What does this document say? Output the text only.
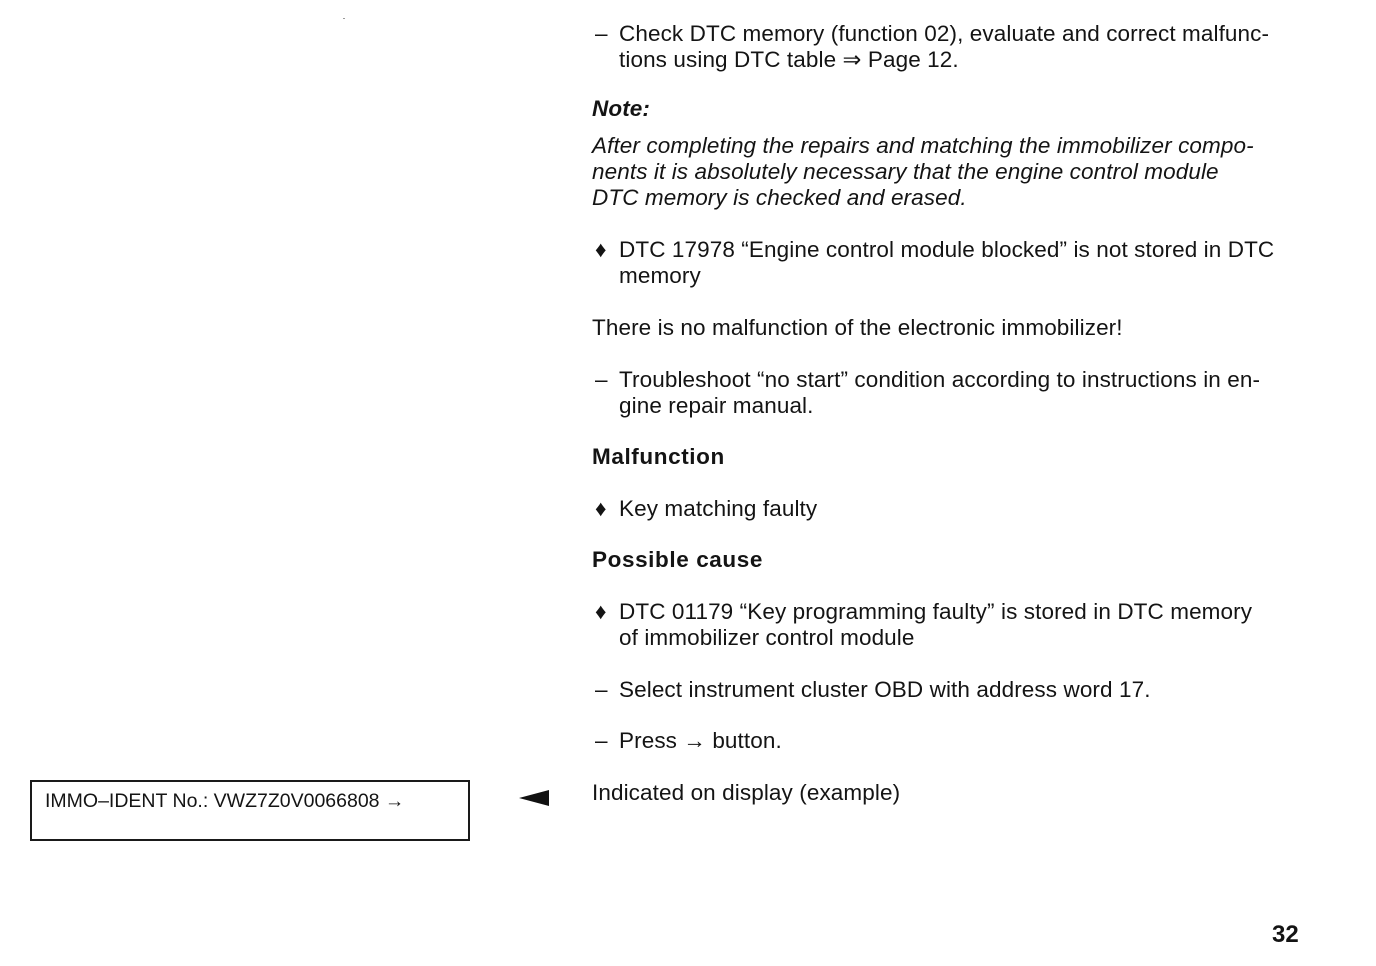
– Check DTC memory (function 02), evaluate and correct malfunc-
tions using DTC table ⇒ Page 12.

Note:

After completing the repairs and matching the immobilizer compo-
nents it is absolutely necessary that the engine control module
DTC memory is checked and erased.
♦ DTC 17978 “Engine control module blocked” is not stored in DTC
memory

There is no malfunction of the electronic immobilizer!

– Troubleshoot “no start” condition according to instructions in en-
gine repair manual.

Malfunction

♦ Key matching faulty

Possible cause

♦ DTC 01179 “Key programming faulty” is stored in DTC memory
of immobilizer control module
– Select instrument cluster OBD with address word 17.
– Press → button.

Indicated on display (example)

IMMO–IDENT No.: VWZ7Z0V0066808 →
32
